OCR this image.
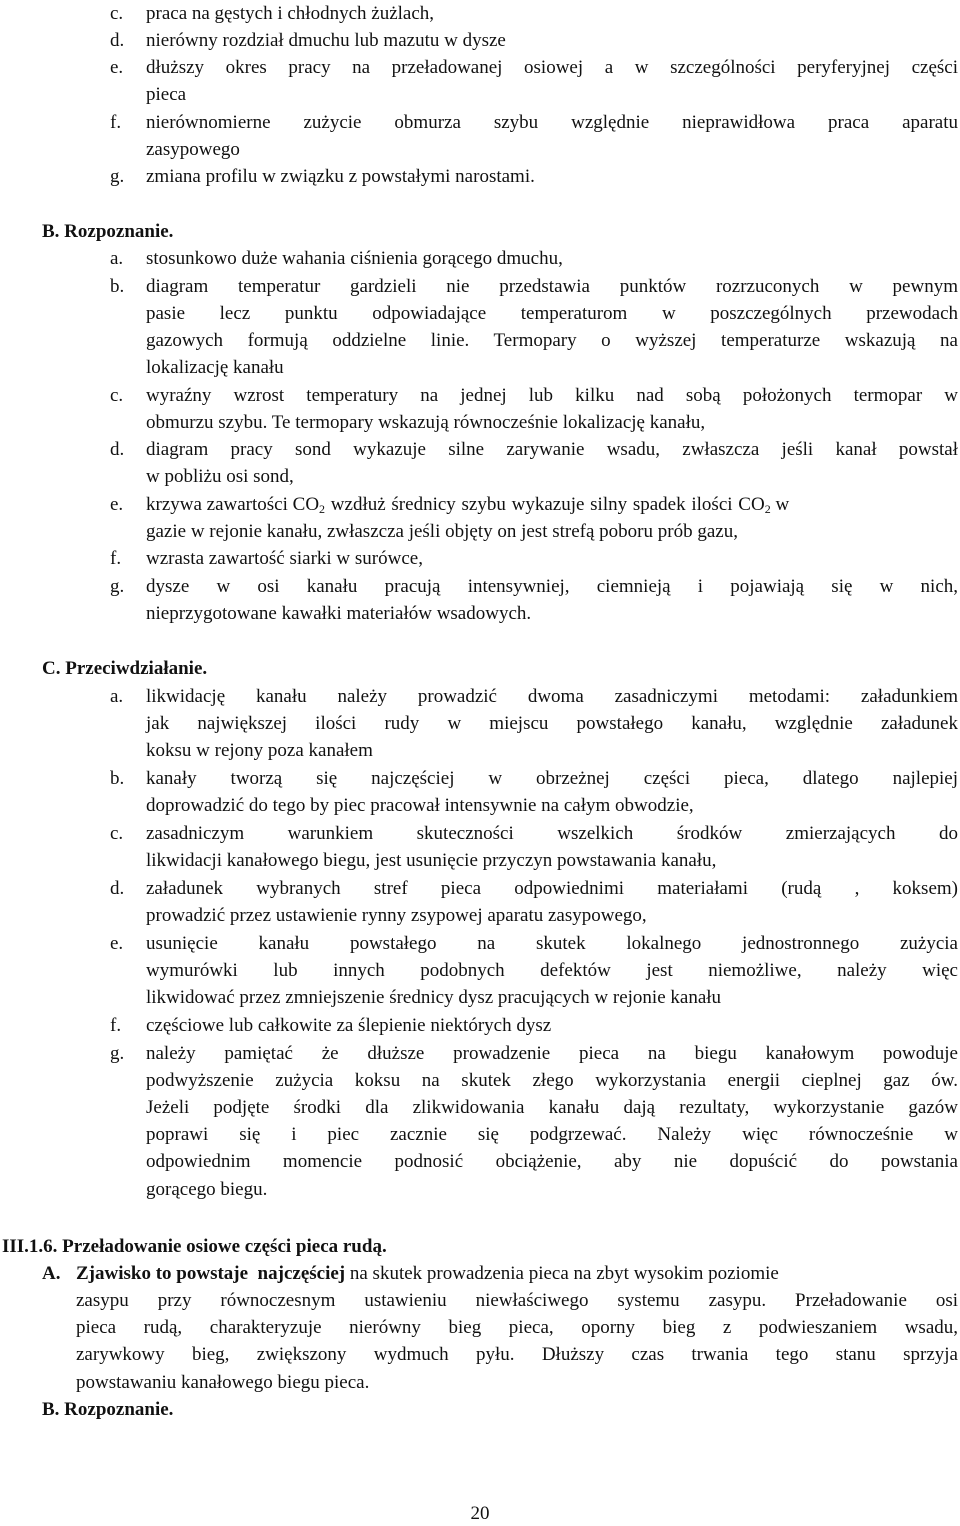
c. praca na gęstych i chłodnych żużlach,
d. nierówny rozdział dmuchu lub mazutu w dysze
e. dłuższy okres pracy na przeładowanej osiowej a w szczególności peryferyjnej części
pieca
f. nierównomierne zużycie obmurza szybu względnie nieprawidłowa praca aparatu
zasypowego
g. zmiana profilu w związku z powstałymi narostami.
B. Rozpoznanie.
a. stosunkowo duże wahania ciśnienia gorącego dmuchu,
b. diagram temperatur gardzieli nie przedstawia punktów rozrzuconych w pewnym
pasie lecz punktu odpowiadające temperaturom w poszczególnych przewodach
gazowych formują oddzielne linie. Termopary o wyższej temperaturze wskazują na
lokalizację kanału
c. wyraźny wzrost temperatury na jednej lub kilku nad sobą położonych termopar w
obmurzu szybu. Te termopary wskazują równocześnie lokalizację kanału,
d. diagram pracy sond wykazuje silne zarywanie wsadu, zwłaszcza jeśli kanał powstał
w pobliżu osi sond,
e. krzywa zawartości $CO_2$ wzdłuż średnicy szybu wykazuje silny spadek ilości $CO_2$ w
gazie w rejonie kanału, zwłaszcza jeśli objęty on jest strefą poboru prób gazu,
f. wzrasta zawartość siarki w surówce,
g. dysze w osi kanału pracują intensywniej, ciemnieją i pojawiają się w nich,
nieprzygotowane kawałki materiałów wsadowych.
C. Przeciwdziałanie.
a. likwidację kanału należy prowadzić dwoma zasadniczymi metodami: załadunkiem
jak największej ilości rudy w miejscu powstałego kanału, względnie załadunek
koksu w rejony poza kanałem
b. kanały tworzą się najczęściej w obrzeżnej części pieca, dlatego najlepiej
doprowadzić do tego by piec pracował intensywnie na całym obwodzie,
c. zasadniczym warunkiem skuteczności wszelkich środków zmierzających do
likwidacji kanałowego biegu, jest usunięcie przyczyn powstawania kanału,
d. załadunek wybranych stref pieca odpowiednimi materiałami (rudą , koksem)
prowadzić przez ustawienie rynny zsypowej aparatu zasypowego,
e. usunięcie kanału powstałego na skutek lokalnego jednostronnego zużycia
wymurówki lub innych podobnych defektów jest niemożliwe, należy więc
likwidować przez zmniejszenie średnicy dysz pracujących w rejonie kanału
f. częściowe lub całkowite za ślepienie niektórych dysz
g. należy pamiętać że dłuższe prowadzenie pieca na biegu kanałowym powoduje
podwyższenie zużycia koksu na skutek złego wykorzystania energii cieplnej gaz ów.
Jeżeli podjęte środki dla zlikwidowania kanału dają rezultaty, wykorzystanie gazów
poprawi się i piec zacznie się podgrzewać. Należy więc równocześnie w
odpowiednim momencie podnosić obciążenie, aby nie dopuścić do powstania
gorącego biegu.
III.1.6. Przeładowanie osiowe części pieca rudą.
A. Zjawisko to powstaje  najczęściej na skutek prowadzenia pieca na zbyt wysokim poziomie
zasypu przy równoczesnym ustawieniu niewłaściwego systemu zasypu. Przeładowanie osi
pieca rudą, charakteryzuje nierówny bieg pieca, oporny bieg z podwieszaniem wsadu,
zarywkowy bieg, zwiększony wydmuch pyłu. Dłuższy czas trwania tego stanu sprzyja
powstawaniu kanałowego biegu pieca.
B. Rozpoznanie.
20
